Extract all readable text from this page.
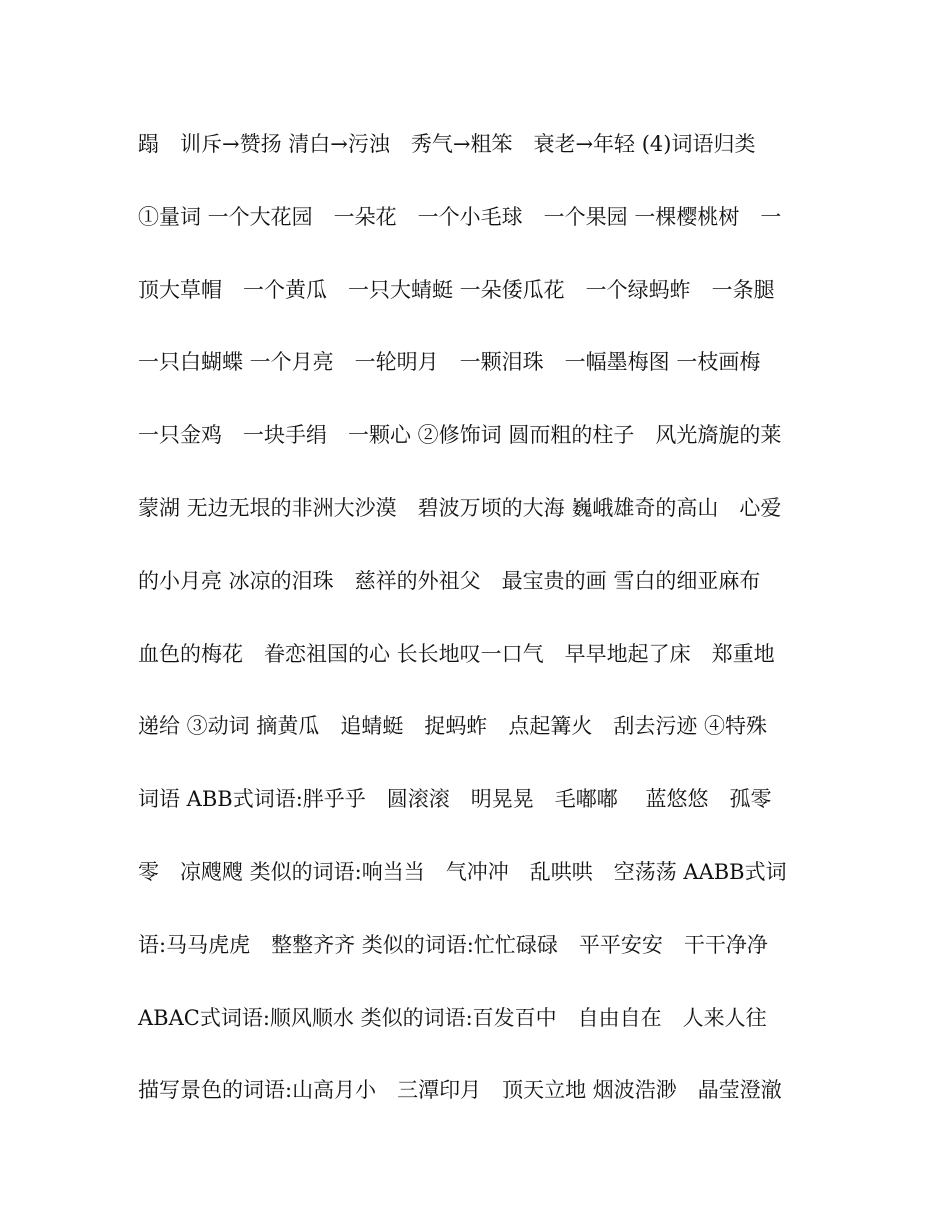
蹋　训斥→赞扬 清白→污浊　秀气→粗笨　衰老→年轻 (4)词语归类
①量词 一个大花园　一朵花　一个小毛球　一个果园 一棵樱桃树　一
顶大草帽　一个黄瓜　一只大蜻蜓 一朵倭瓜花　一个绿蚂蚱　一条腿
一只白蝴蝶 一个月亮　一轮明月　一颗泪珠　一幅墨梅图 一枝画梅
一只金鸡　一块手绢　一颗心 ②修饰词 圆而粗的柱子　风光旖旎的莱
蒙湖 无边无垠的非洲大沙漠　碧波万顷的大海 巍峨雄奇的高山　心爱
的小月亮 冰凉的泪珠　慈祥的外祖父　最宝贵的画 雪白的细亚麻布
血色的梅花　眷恋祖国的心 长长地叹一口气　早早地起了床　郑重地
递给 ③动词 摘黄瓜　追蜻蜓　捉蚂蚱　点起篝火　刮去污迹 ④特殊
词语 ABB式词语:胖乎乎　圆滚滚　明晃晃　毛嘟嘟　 蓝悠悠　孤零
零　凉飕飕 类似的词语:响当当　气冲冲　乱哄哄　空荡荡 AABB式词
语:马马虎虎　整整齐齐 类似的词语:忙忙碌碌　平平安安　干干净净
ABAC式词语:顺风顺水 类似的词语:百发百中　自由自在　人来人往
描写景色的词语:山高月小　三潭印月　顶天立地 烟波浩渺　晶莹澄澈
